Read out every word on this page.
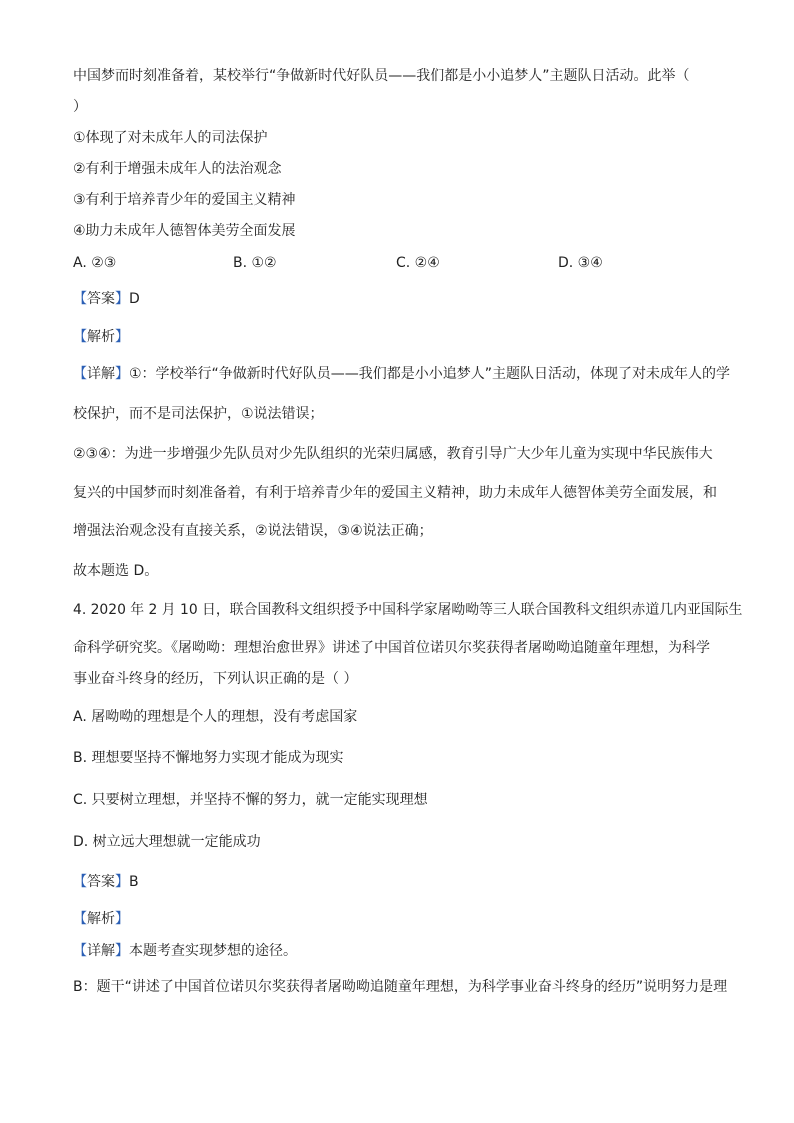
中国梦而时刻准备着，某校举行“争做新时代好队员——我们都是小小追梦人”主题队日活动。此举（
）
①体现了对未成年人的司法保护
②有利于增强未成年人的法治观念
③有利于培养青少年的爱国主义精神
④助力未成年人德智体美劳全面发展
A. ②③	B. ①②	C. ②④	D. ③④
【答案】D
【解析】
【详解】①：学校举行“争做新时代好队员——我们都是小小追梦人”主题队日活动，体现了对未成年人的学
校保护，而不是司法保护，①说法错误；
②③④：为进一步增强少先队员对少先队组织的光荣归属感，教育引导广大少年儿童为实现中华民族伟大
复兴的中国梦而时刻准备着，有利于培养青少年的爱国主义精神，助力未成年人德智体美劳全面发展，和
增强法治观念没有直接关系，②说法错误，③④说法正确；
故本题选 D。
4. 2020 年 2 月 10 日，联合国教科文组织授予中国科学家屠呦呦等三人联合国教科文组织赤道几内亚国际生
命科学研究奖。《屠呦呦：理想治愈世界》讲述了中国首位诺贝尔奖获得者屠呦呦追随童年理想，为科学
事业奋斗终身的经历，下列认识正确的是（ ）
A. 屠呦呦的理想是个人的理想，没有考虑国家
B. 理想要坚持不懈地努力实现才能成为现实
C. 只要树立理想，并坚持不懈的努力，就一定能实现理想
D. 树立远大理想就一定能成功
【答案】B
【解析】
【详解】本题考查实现梦想的途径。
B：题干“讲述了中国首位诺贝尔奖获得者屠呦呦追随童年理想，为科学事业奋斗终身的经历”说明努力是理
